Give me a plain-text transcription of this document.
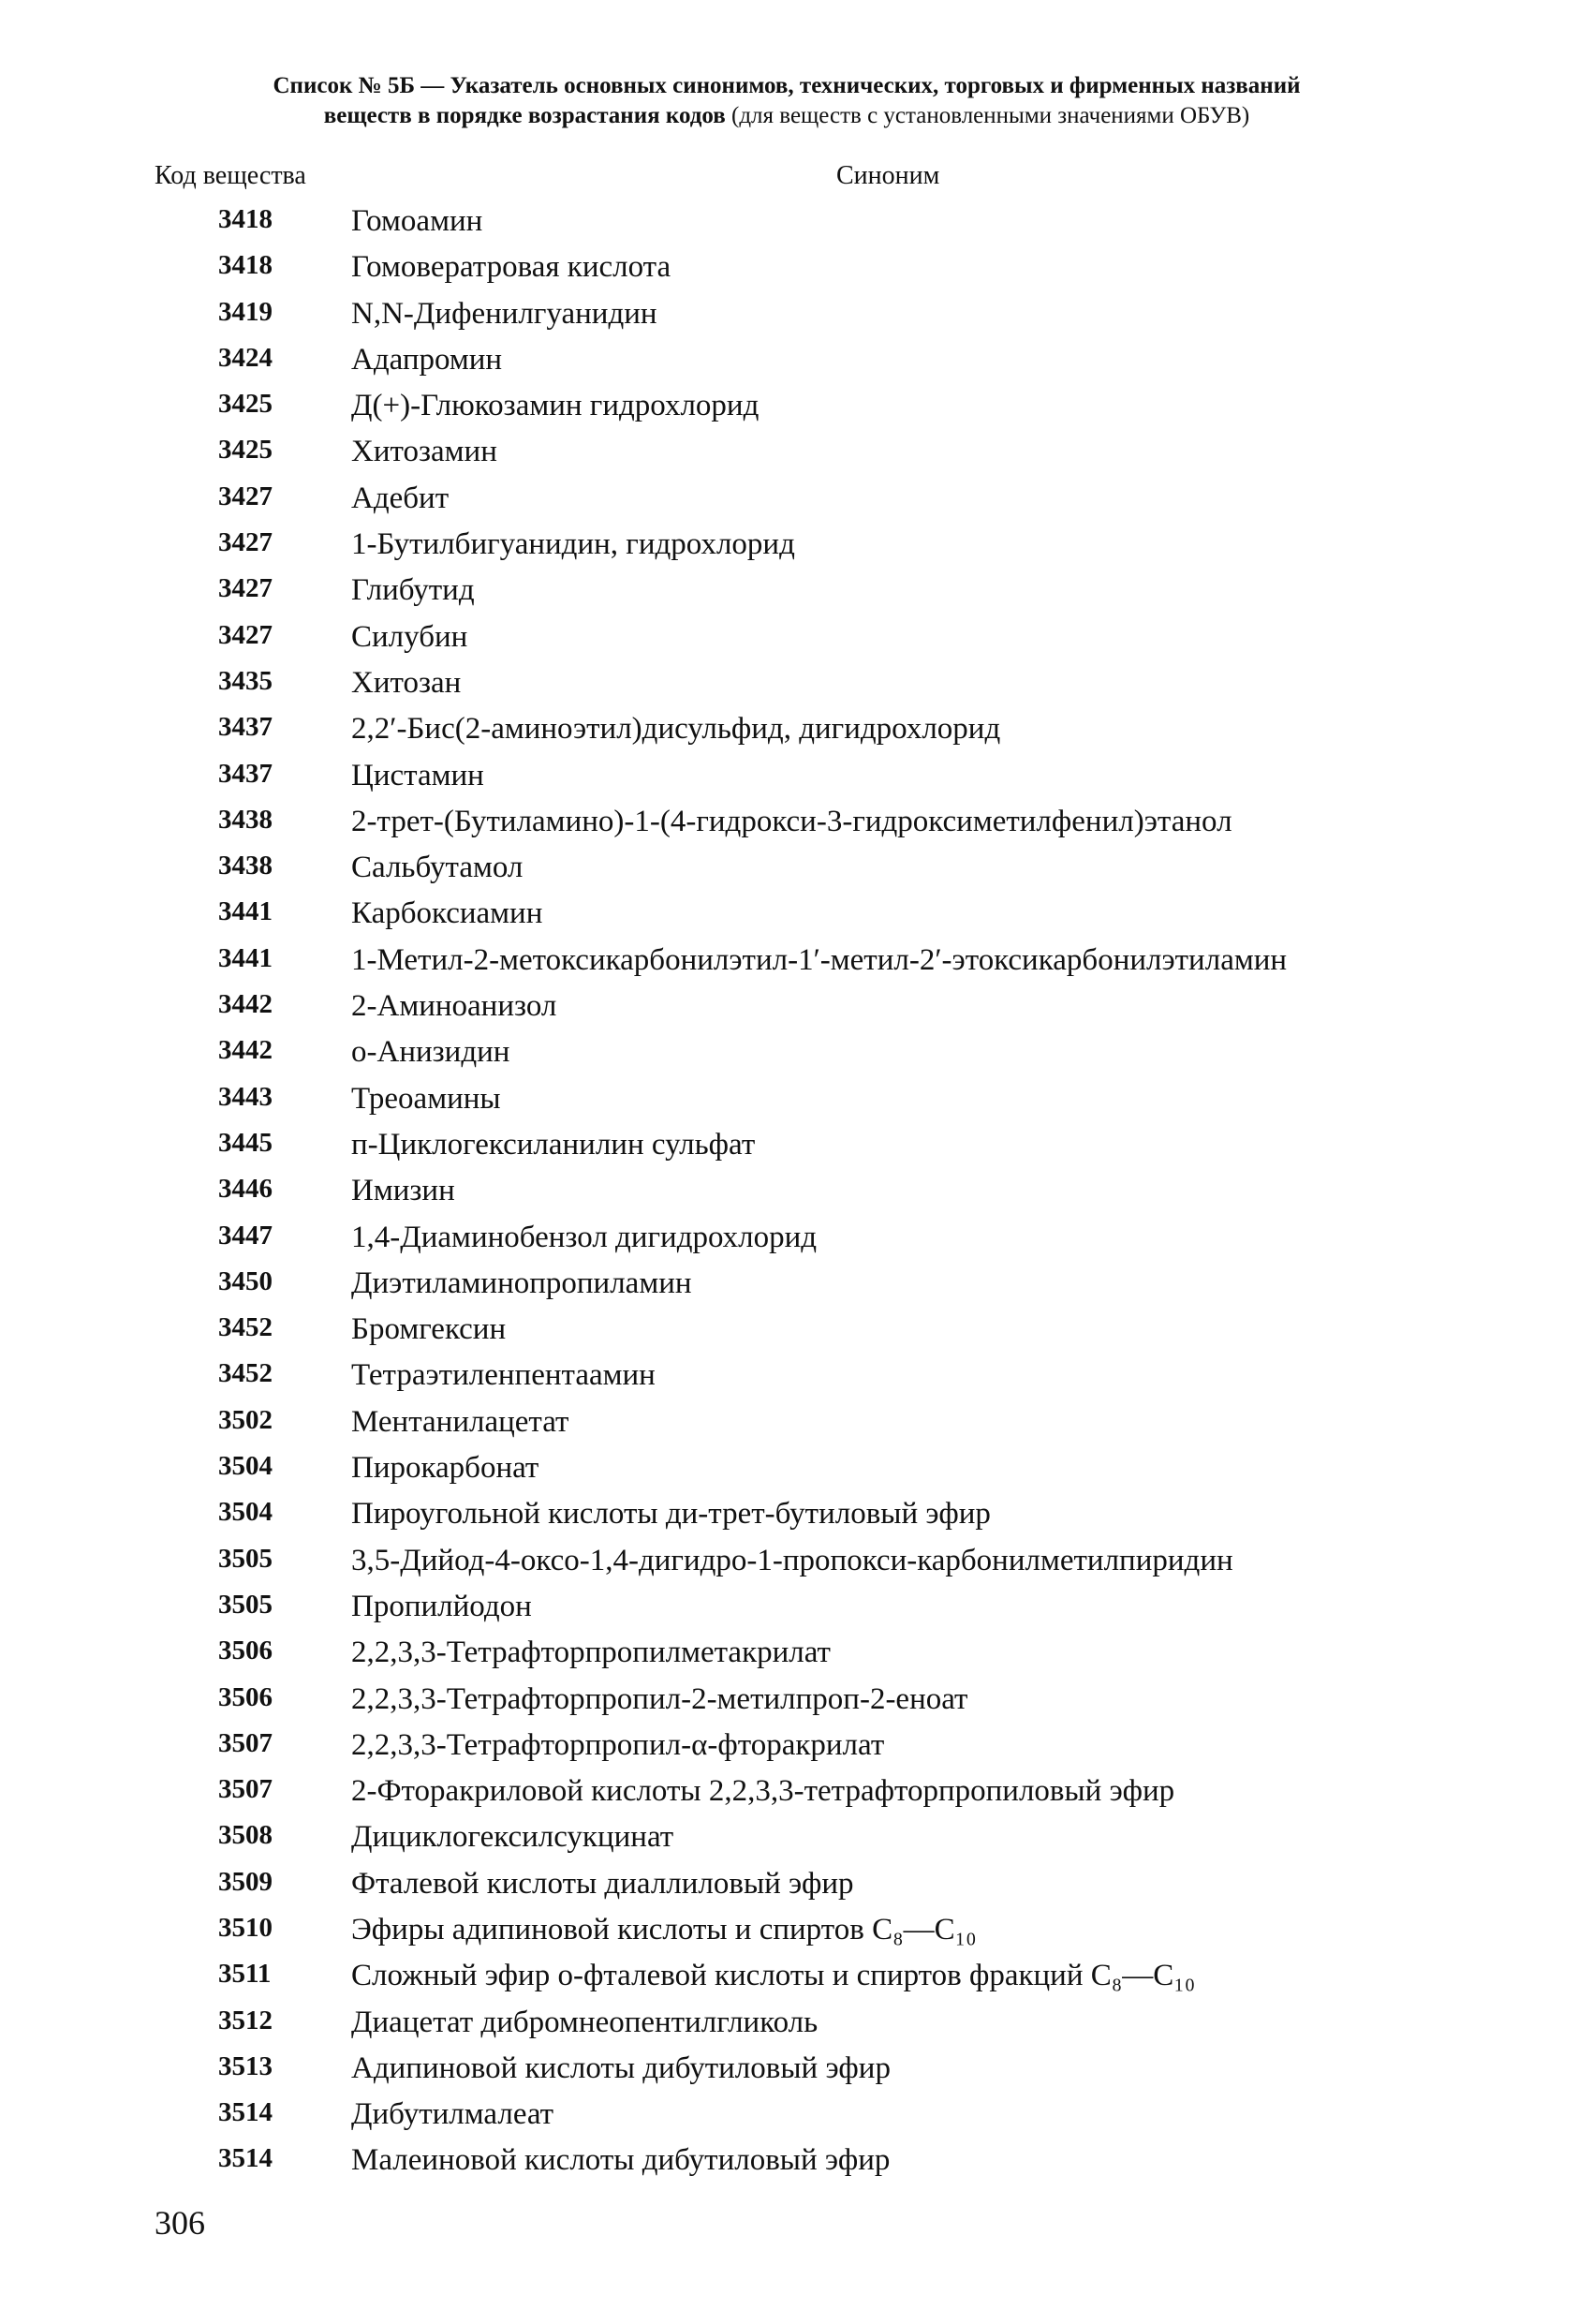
Список № 5Б — Указатель основных синонимов, технических, торговых и фирменных названий
веществ в порядке возрастания кодов (для веществ с установленными значениями ОБУВ)
Код вещества	Синоним
3418	Гомоамин
3418	Гомовератровая кислота
3419	N,N-Дифенилгуанидин
3424	Адапромин
3425	Д(+)-Глюкозамин гидрохлорид
3425	Хитозамин
3427	Адебит
3427	1-Бутилбигуанидин, гидрохлорид
3427	Глибутид
3427	Силубин
3435	Хитозан
3437	2,2′-Бис(2-аминоэтил)дисульфид, дигидрохлорид
3437	Цистамин
3438	2-трет-(Бутиламино)-1-(4-гидрокси-3-гидроксиметилфенил)этанол
3438	Сальбутамол
3441	Карбоксиамин
3441	1-Метил-2-метоксикарбонилэтил-1′-метил-2′-этоксикарбонилэтиламин
3442	2-Аминоанизол
3442	о-Анизидин
3443	Треоамины
3445	п-Циклогексиланилин сульфат
3446	Имизин
3447	1,4-Диаминобензол дигидрохлорид
3450	Диэтиламинопропиламин
3452	Бромгексин
3452	Тетраэтиленпентаамин
3502	Ментанилацетат
3504	Пирокарбонат
3504	Пироугольной кислоты ди-трет-бутиловый эфир
3505	3,5-Дийод-4-оксо-1,4-дигидро-1-пропокси-карбонилметилпиридин
3505	Пропилйодон
3506	2,2,3,3-Тетрафторпропилметакрилат
3506	2,2,3,3-Тетрафторпропил-2-метилпроп-2-еноат
3507	2,2,3,3-Тетрафторпропил-α-фторакрилат
3507	2-Фторакриловой кислоты 2,2,3,3-тетрафторпропиловый эфир
3508	Дициклогексилсукцинат
3509	Фталевой кислоты диаллиловый эфир
3510	Эфиры адипиновой кислоты и спиртов С₈—С₁₀
3511	Сложный эфир о-фталевой кислоты и спиртов фракций С₈—С₁₀
3512	Диацетат дибромнеопентилгликоль
3513	Адипиновой кислоты дибутиловый эфир
3514	Дибутилмалеат
3514	Малеиновой кислоты дибутиловый эфир
306
